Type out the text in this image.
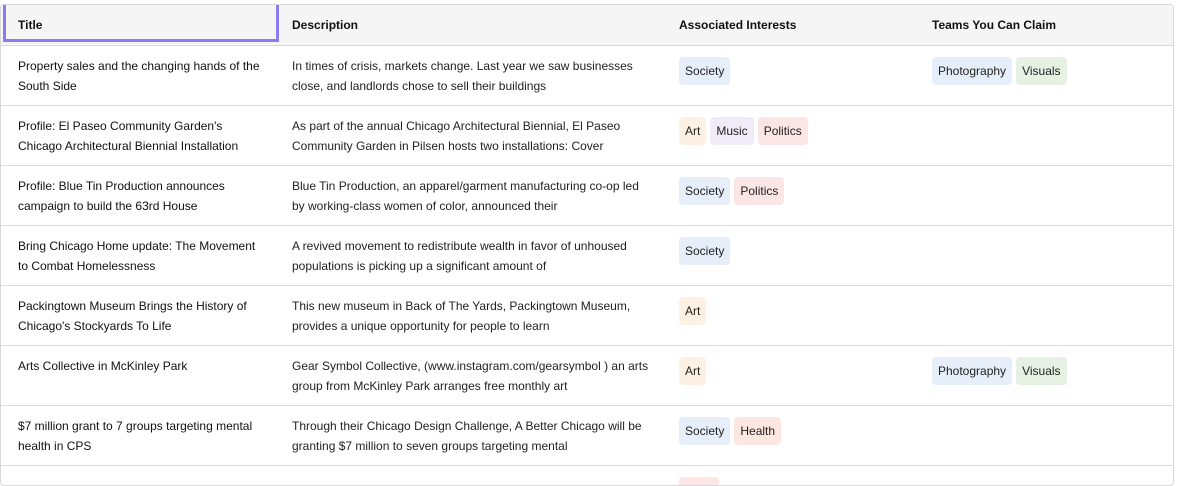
Title	Description	Associated Interests	Teams You Can Claim
Property sales and the changing hands of the South Side	In times of crisis, markets change. Last year we saw businesses close, and landlords chose to sell their buildings	Society	Photography Visuals
Profile: El Paseo Community Garden's Chicago Architectural Biennial Installation	As part of the annual Chicago Architectural Biennial, El Paseo Community Garden in Pilsen hosts two installations: Cover	Art Music Politics	
Profile: Blue Tin Production announces campaign to build the 63rd House	Blue Tin Production, an apparel/garment manufacturing co-op led by working-class women of color, announced their	Society Politics	
Bring Chicago Home update: The Movement to Combat Homelessness	A revived movement to redistribute wealth in favor of unhoused populations is picking up a significant amount of	Society	
Packingtown Museum Brings the History of Chicago's Stockyards To Life	This new museum in Back of The Yards, Packingtown Museum, provides a unique opportunity for people to learn	Art	
Arts Collective in McKinley Park	Gear Symbol Collective, (www.instagram.com/gearsymbol ) an arts group from McKinley Park arranges free monthly art	Art	Photography Visuals
$7 million grant to 7 groups targeting mental health in CPS	Through their Chicago Design Challenge, A Better Chicago will be granting $7 million to seven groups targeting mental	Society Health	
